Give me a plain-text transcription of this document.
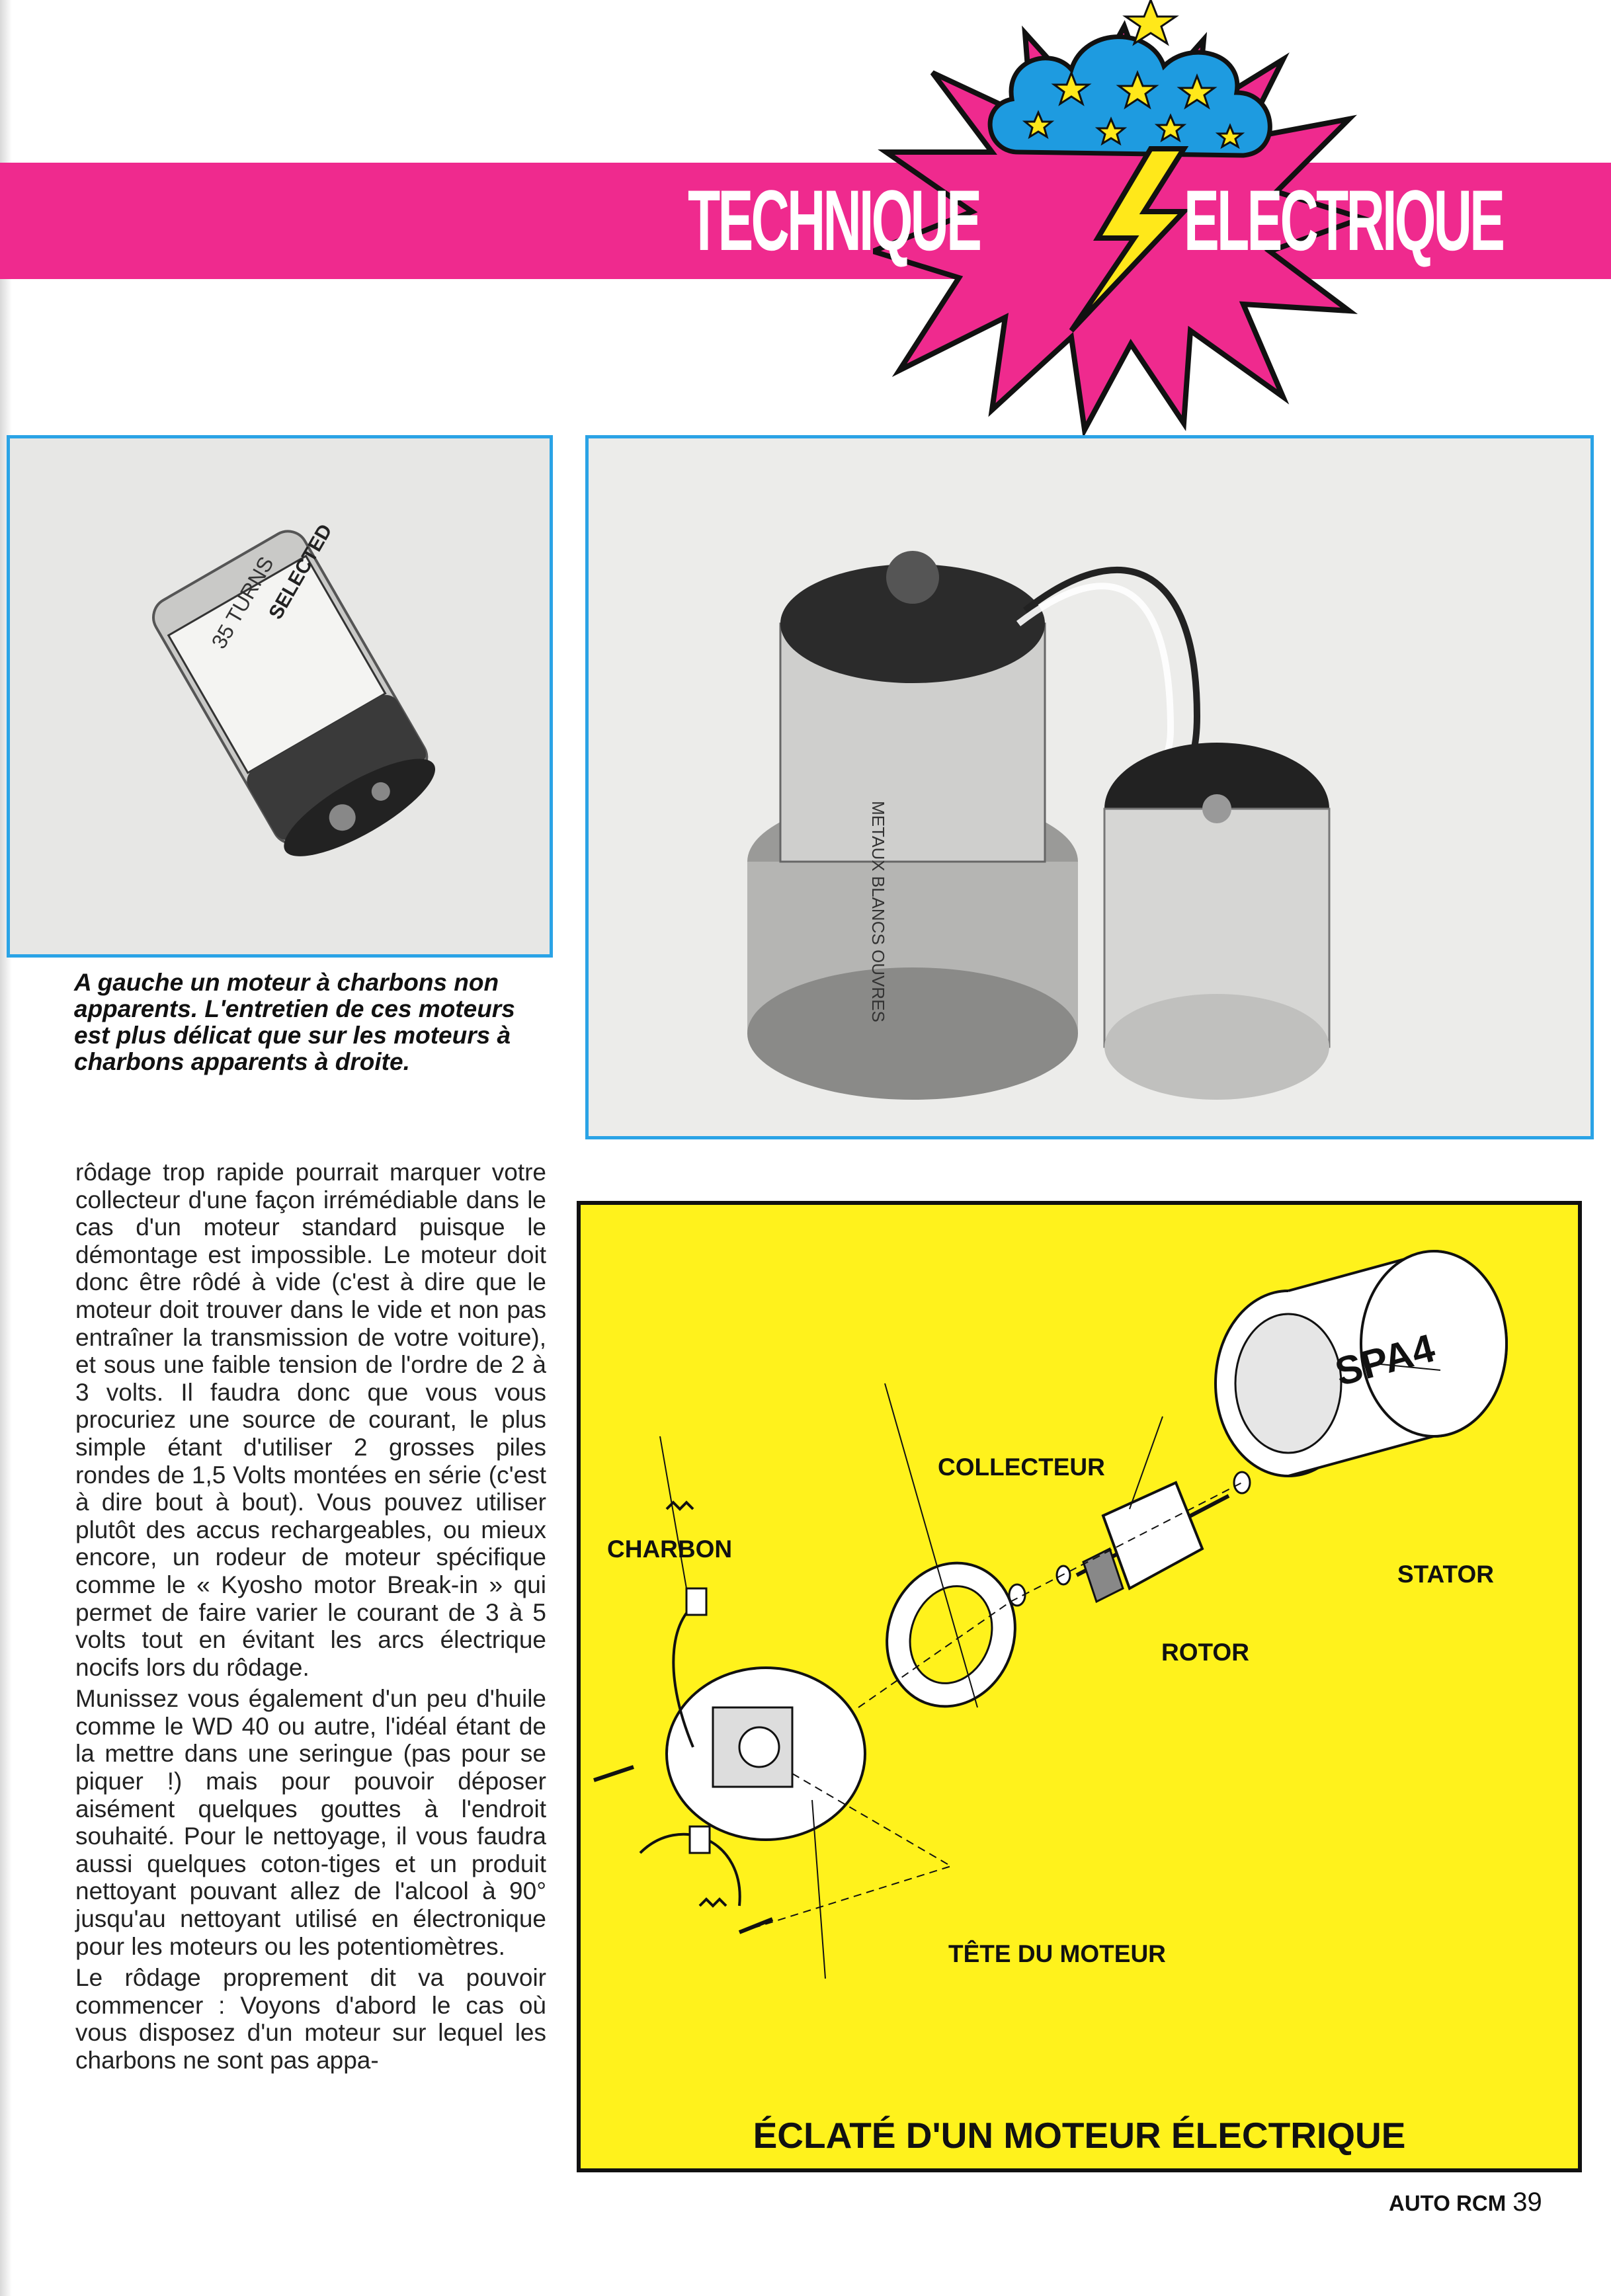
TECHNIQUE ELECTRIQUE
SELECTED
35 TURNS
METAUX BLANCS OUVRES
A gauche un moteur à charbons non apparents. L'entretien de ces moteurs est plus délicat que sur les moteurs à charbons apparents à droite.

rôdage trop rapide pourrait marquer votre collecteur d'une façon irrémédiable dans le cas d'un moteur standard puisque le démontage est impossible. Le moteur doit donc être rôdé à vide (c'est à dire que le moteur doit trouver dans le vide et non pas entraîner la transmission de votre voiture), et sous une faible tension de l'ordre de 2 à 3 volts. Il faudra donc que vous vous procuriez une source de courant, le plus simple étant d'utiliser 2 grosses piles rondes de 1,5 Volts montées en série (c'est à dire bout à bout). Vous pouvez utiliser plutôt des accus rechargeables, ou mieux encore, un rodeur de moteur spécifique comme le « Kyosho motor Break-in » qui permet de faire varier le courant de 3 à 5 volts tout en évitant les arcs électrique nocifs lors du rôdage.

Munissez vous également d'un peu d'huile comme le WD 40 ou autre, l'idéal étant de la mettre dans une seringue (pas pour se piquer !) mais pour pouvoir déposer aisément quelques gouttes à l'endroit souhaité. Pour le nettoyage, il vous faudra aussi quelques coton-tiges et un produit nettoyant pouvant allez de l'alcool à 90° jusqu'au nettoyant utilisé en électronique pour les moteurs ou les potentiomètres.

Le rôdage proprement dit va pouvoir commencer : Voyons d'abord le cas où vous disposez d'un moteur sur lequel les charbons ne sont pas appa-

COLLECTEUR
CHARBON
STATOR
ROTOR
TÊTE DU MOTEUR
SPA4
ÉCLATÉ D'UN MOTEUR ÉLECTRIQUE
AUTO RCM 39
